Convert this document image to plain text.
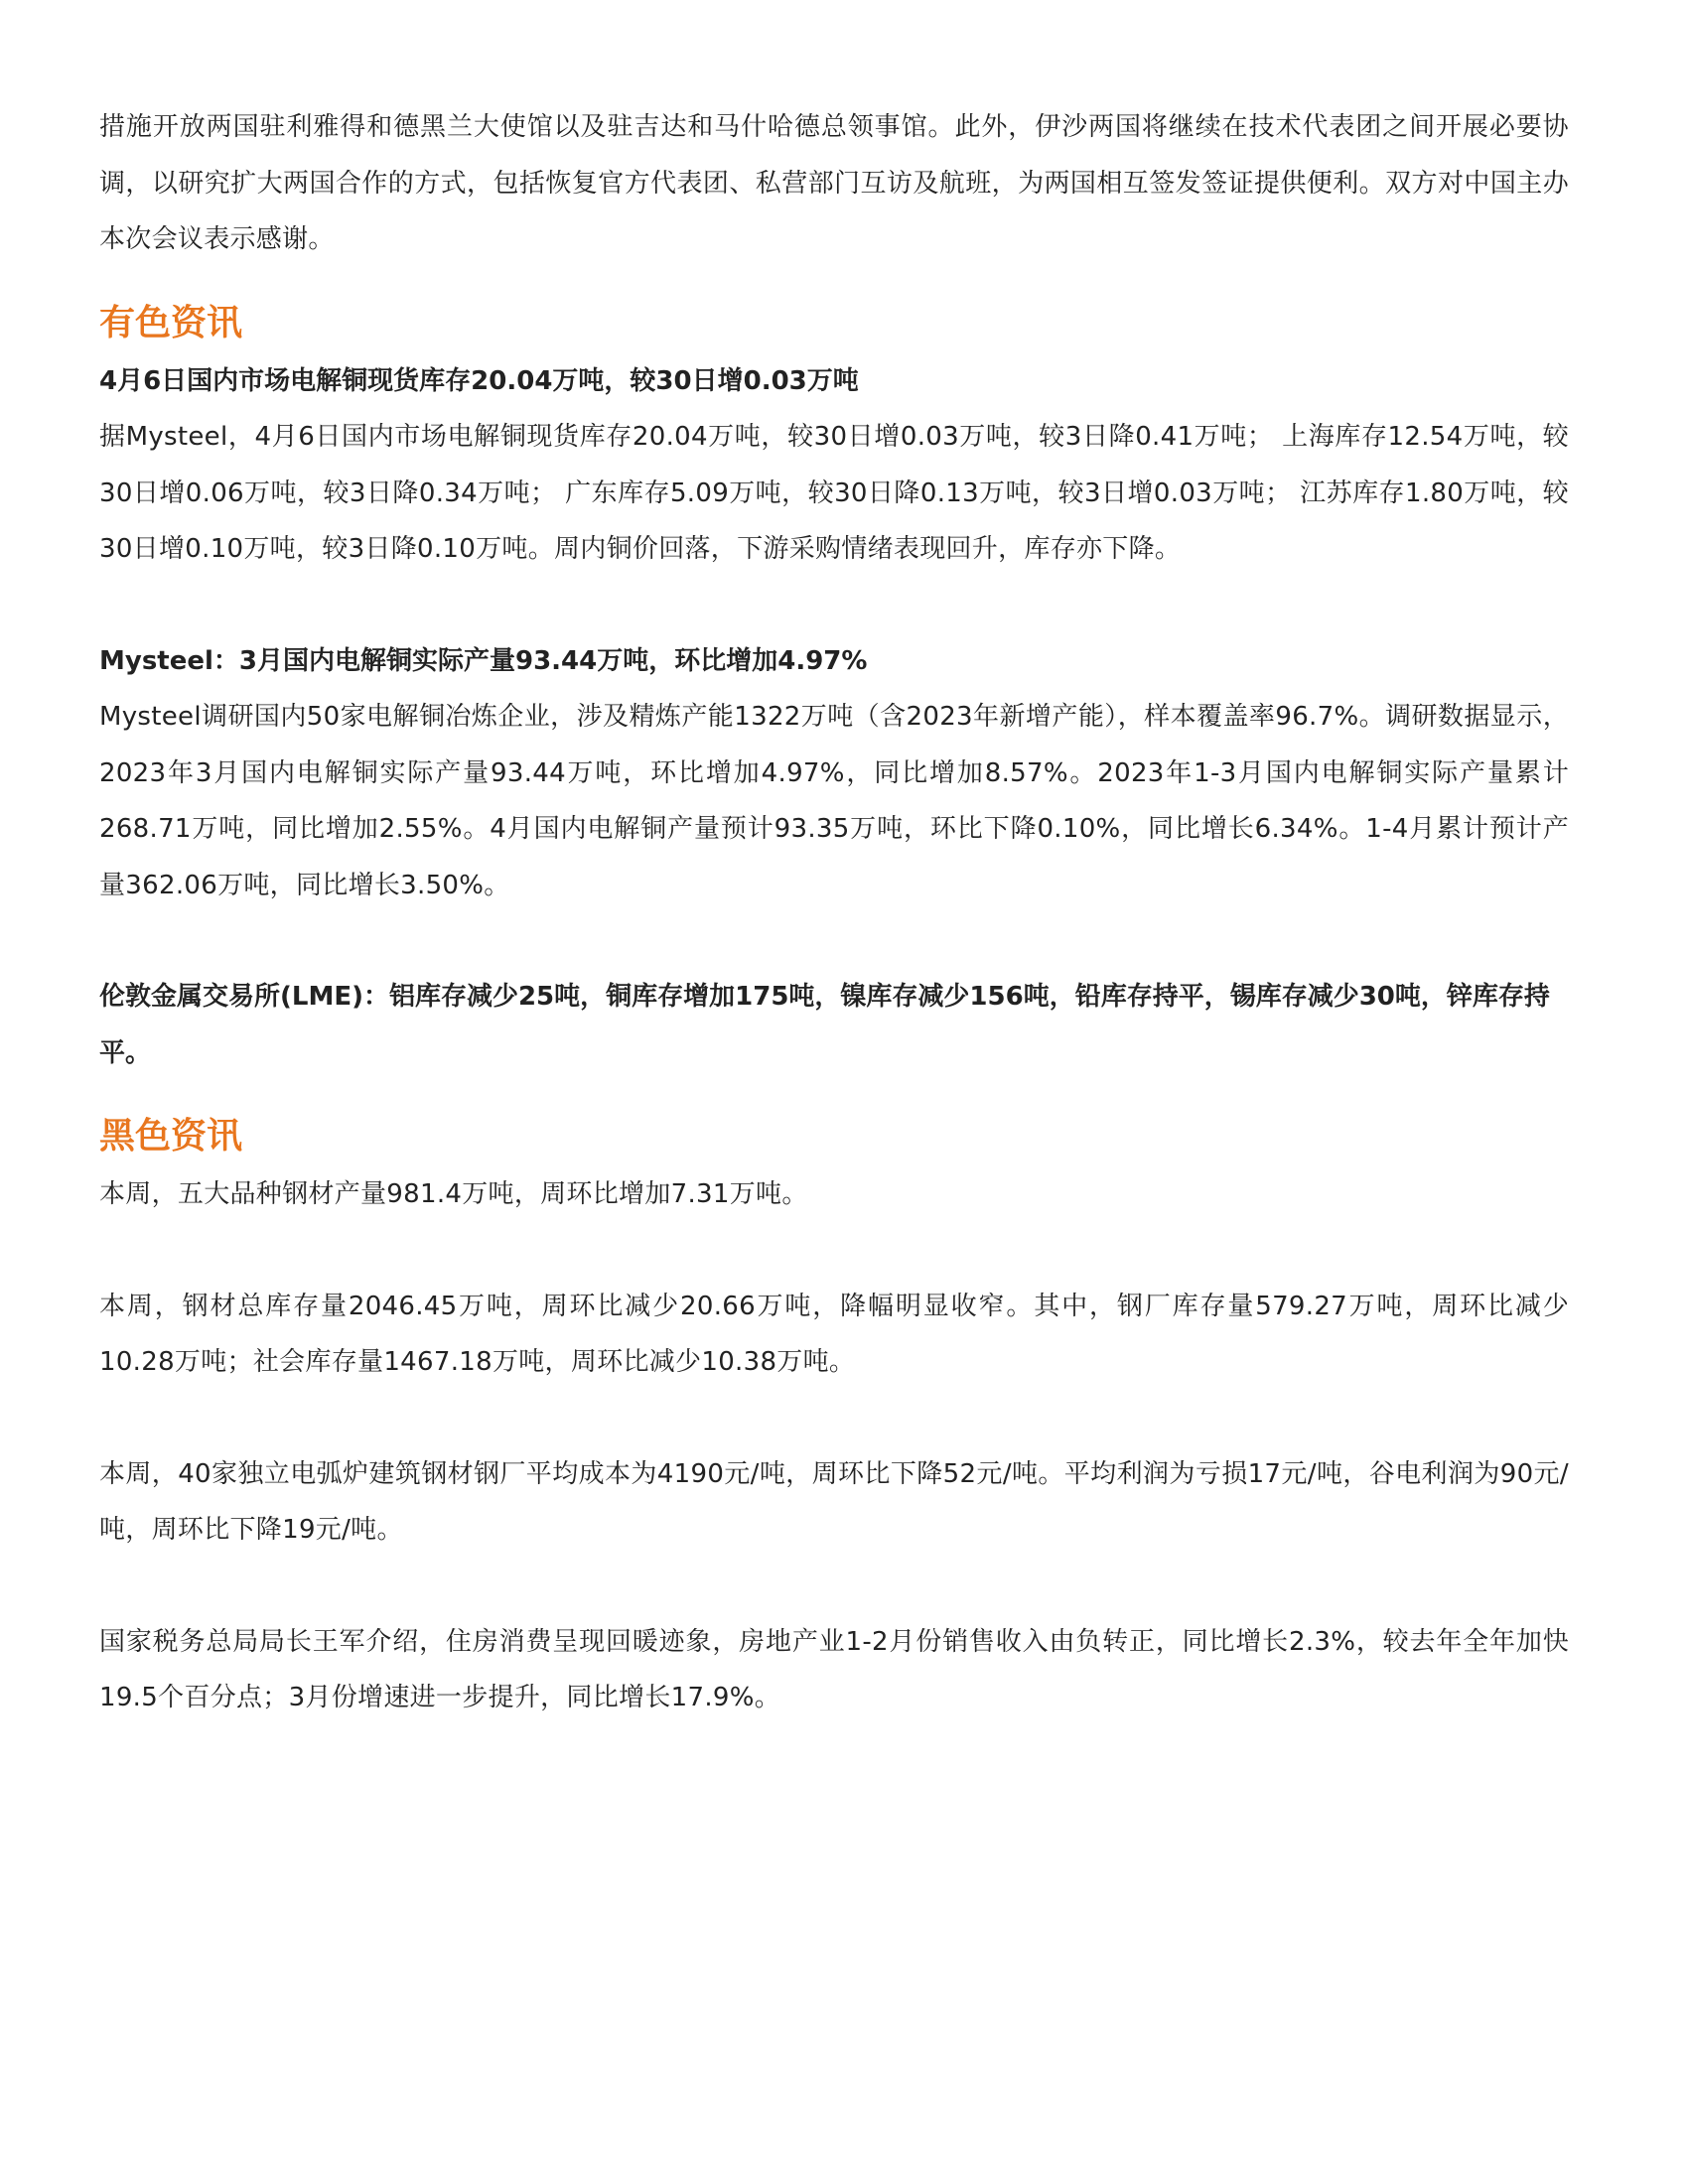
措施开放两国驻利雅得和德黑兰大使馆以及驻吉达和马什哈德总领事馆。此外，伊沙两国将继续在技术代表团之间开展必要协调，以研究扩大两国合作的方式，包括恢复官方代表团、私营部门互访及航班，为两国相互签发签证提供便利。双方对中国主办本次会议表示感谢。

有色资讯

4月6日国内市场电解铜现货库存20.04万吨，较30日增0.03万吨

据Mysteel，4月6日国内市场电解铜现货库存20.04万吨，较30日增0.03万吨，较3日降0.41万吨； 上海库存12.54万吨，较30日增0.06万吨，较3日降0.34万吨； 广东库存5.09万吨，较30日降0.13万吨，较3日增0.03万吨； 江苏库存1.80万吨，较30日增0.10万吨，较3日降0.10万吨。周内铜价回落，下游采购情绪表现回升，库存亦下降。

Mysteel：3月国内电解铜实际产量93.44万吨，环比增加4.97%

Mysteel调研国内50家电解铜冶炼企业，涉及精炼产能1322万吨（含2023年新增产能），样本覆盖率96.7%。调研数据显示，2023年3月国内电解铜实际产量93.44万吨，环比增加4.97%，同比增加8.57%。2023年1-3月国内电解铜实际产量累计268.71万吨，同比增加2.55%。4月国内电解铜产量预计93.35万吨，环比下降0.10%，同比增长6.34%。1-4月累计预计产量362.06万吨，同比增长3.50%。

伦敦金属交易所(LME)：铝库存减少25吨，铜库存增加175吨，镍库存减少156吨，铅库存持平，锡库存减少30吨，锌库存持平。

黑色资讯

本周，五大品种钢材产量981.4万吨，周环比增加7.31万吨。

本周，钢材总库存量2046.45万吨，周环比减少20.66万吨，降幅明显收窄。其中，钢厂库存量579.27万吨，周环比减少10.28万吨；社会库存量1467.18万吨，周环比减少10.38万吨。

本周，40家独立电弧炉建筑钢材钢厂平均成本为4190元/吨，周环比下降52元/吨。平均利润为亏损17元/吨，谷电利润为90元/吨，周环比下降19元/吨。

国家税务总局局长王军介绍，住房消费呈现回暖迹象，房地产业1-2月份销售收入由负转正，同比增长2.3%，较去年全年加快19.5个百分点；3月份增速进一步提升，同比增长17.9%。
